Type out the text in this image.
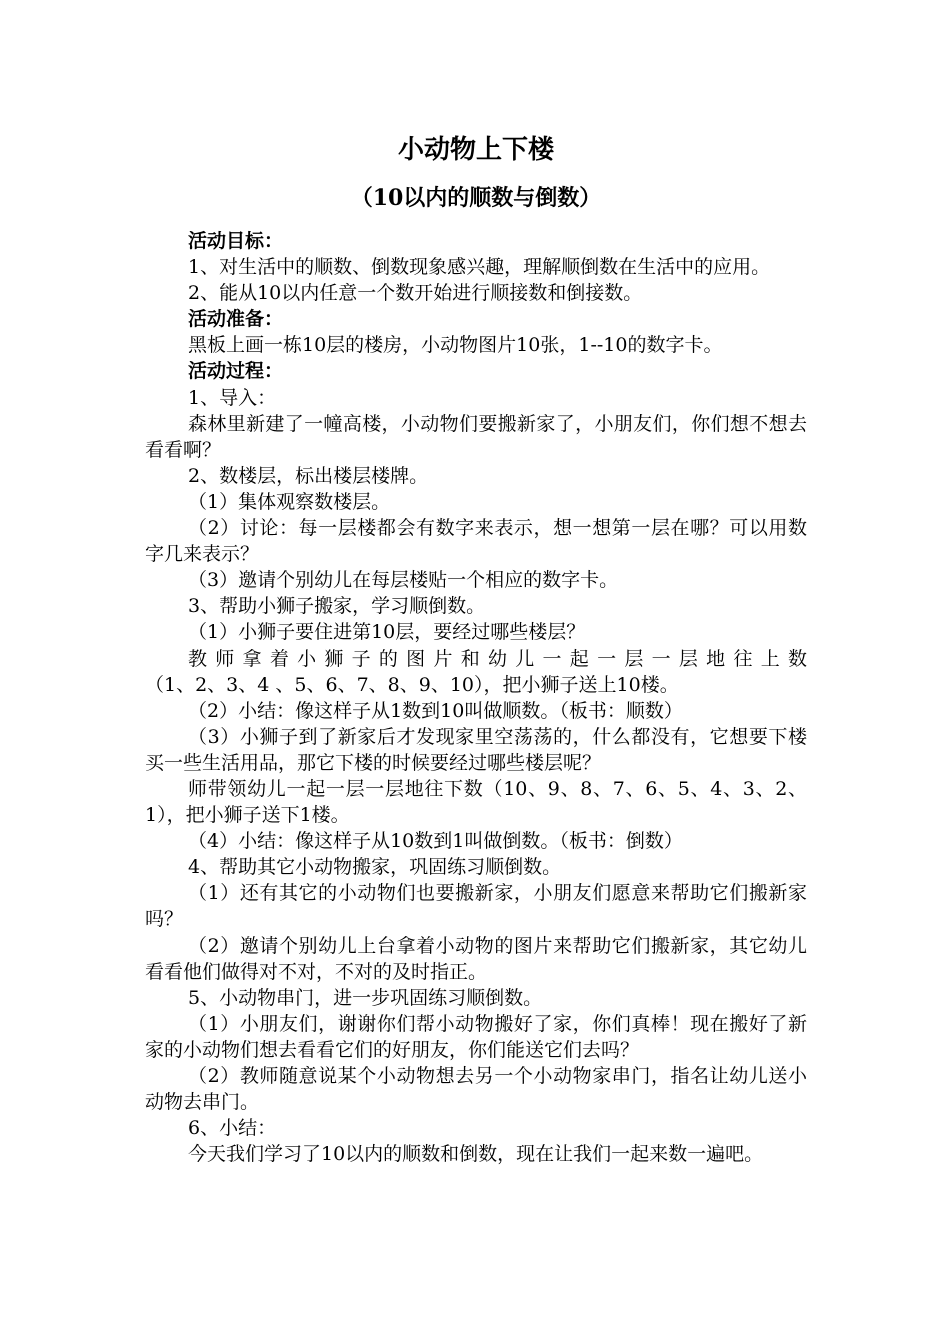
小动物上下楼
（10以内的顺数与倒数）

活动目标：

1、对生活中的顺数、倒数现象感兴趣，理解顺倒数在生活中的应用。

2、能从10以内任意一个数开始进行顺接数和倒接数。

活动准备：

黑板上画一栋10层的楼房，小动物图片10张，1--10的数字卡。

活动过程：

1、导入：

森林里新建了一幢高楼，小动物们要搬新家了，小朋友们，你们想不想去看看啊？

2、数楼层，标出楼层楼牌。

（1）集体观察数楼层。

（2）讨论：每一层楼都会有数字来表示，想一想第一层在哪？可以用数字几来表示？

（3）邀请个别幼儿在每层楼贴一个相应的数字卡。

3、帮助小狮子搬家，学习顺倒数。

（1）小狮子要住进第10层，要经过哪些楼层？

教师拿着小狮子的图片和幼儿一起一层一层地往上数

（1、2、3、4 、5、6、7、8、9、10），把小狮子送上10楼。

（2）小结：像这样子从1数到10叫做顺数。（板书：顺数）

（3）小狮子到了新家后才发现家里空荡荡的，什么都没有，它想要下楼买一些生活用品，那它下楼的时候要经过哪些楼层呢？

师带领幼儿一起一层一层地往下数（10、9、8、7、6、5、4、3、2、1），把小狮子送下1楼。

（4）小结：像这样子从10数到1叫做倒数。（板书：倒数）

4、帮助其它小动物搬家，巩固练习顺倒数。

（1）还有其它的小动物们也要搬新家，小朋友们愿意来帮助它们搬新家吗？

（2）邀请个别幼儿上台拿着小动物的图片来帮助它们搬新家，其它幼儿看看他们做得对不对，不对的及时指正。

5、小动物串门，进一步巩固练习顺倒数。

（1）小朋友们，谢谢你们帮小动物搬好了家，你们真棒！现在搬好了新家的小动物们想去看看它们的好朋友，你们能送它们去吗？

（2）教师随意说某个小动物想去另一个小动物家串门，指名让幼儿送小动物去串门。

6、小结：

今天我们学习了10以内的顺数和倒数，现在让我们一起来数一遍吧。
